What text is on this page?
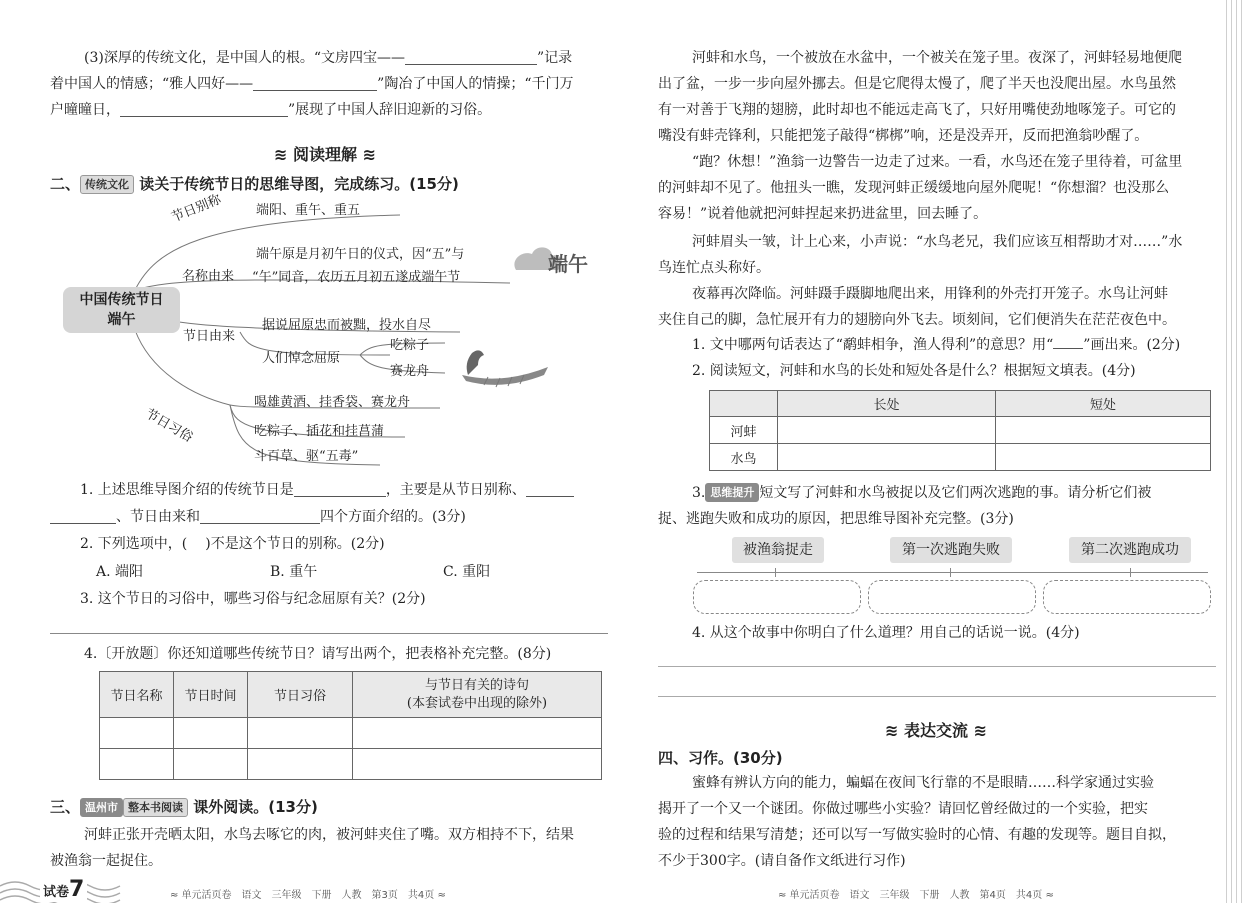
(3)深厚的传统文化，是中国人的根。“文房四宝——	”记录
着中国人的情感；“雅人四好——	”陶冶了中国人的情操；“千门万
户曈曈日，	”展现了中国人辞旧迎新的习俗。
≋ 阅读理解 ≋
二、 传统文化 读关于传统节日的思维导图，完成练习。(15分)
中国传统节日
端午
节日别称	端阳、重午、重五
名称由来
端午原是月初午日的仪式，因“五”与
“午”同音，农历五月初五遂成端午节
端午
节日由来
据说屈原忠而被黜，投水自尽
人们悼念屈原
吃粽子
赛龙舟
节日习俗
喝雄黄酒、挂香袋、赛龙舟
吃粽子、插花和挂菖蒲
斗百草、驱“五毒”
1. 上述思维导图介绍的传统节日是	，主要是从节日别称、
、节日由来和	四个方面介绍的。(3分)
2. 下列选项中，( )不是这个节日的别称。(2分)
A. 端阳	B. 重午	C. 重阳
3. 这个节日的习俗中，哪些习俗与纪念屈原有关？(2分)
4.〔开放题〕你还知道哪些传统节日？请写出两个，把表格补充完整。(8分)
节日名称	节日时间	节日习俗	与节日有关的诗句
(本套试卷中出现的除外)

三、 温州市 整本书阅读 课外阅读。(13分)
河蚌正张开壳晒太阳，水鸟去啄它的肉，被河蚌夹住了嘴。双方相持不下，结果
被渔翁一起捉住。
试卷7	≈ 单元活页卷　语文　三年级　下册　人教　第3页　共4页 ≈
河蚌和水鸟，一个被放在水盆中，一个被关在笼子里。夜深了，河蚌轻易地便爬
出了盆，一步一步向屋外挪去。但是它爬得太慢了，爬了半天也没爬出屋。水鸟虽然
有一对善于飞翔的翅膀，此时却也不能远走高飞了，只好用嘴使劲地啄笼子。可它的
嘴没有蚌壳锋利，只能把笼子敲得“梆梆”响，还是没弄开，反而把渔翁吵醒了。
“跑？休想！”渔翁一边警告一边走了过来。一看，水鸟还在笼子里待着，可盆里
的河蚌却不见了。他扭头一瞧，发现河蚌正缓缓地向屋外爬呢！“你想溜？也没那么
容易！”说着他就把河蚌捏起来扔进盆里，回去睡了。
河蚌眉头一皱，计上心来，小声说：“水鸟老兄，我们应该互相帮助才对……”水
鸟连忙点头称好。
夜幕再次降临。河蚌蹑手蹑脚地爬出来，用锋利的外壳打开笼子。水鸟让河蚌
夹住自己的脚，急忙展开有力的翅膀向外飞去。顷刻间，它们便消失在茫茫夜色中。
1. 文中哪两句话表达了“鹬蚌相争，渔人得利”的意思？用“ ”画出来。(2分)
2. 阅读短文，河蚌和水鸟的长处和短处各是什么？根据短文填表。(4分)
	长处	短处
河蚌		
水鸟		
3. 思维提升 短文写了河蚌和水鸟被捉以及它们两次逃跑的事。请分析它们被
捉、逃跑失败和成功的原因，把思维导图补充完整。(3分)
被渔翁捉走	第一次逃跑失败	第二次逃跑成功
4. 从这个故事中你明白了什么道理？用自己的话说一说。(4分)
≋ 表达交流 ≋
四、习作。(30分)
蜜蜂有辨认方向的能力，蝙蝠在夜间飞行靠的不是眼睛……科学家通过实验
揭开了一个又一个谜团。你做过哪些小实验？请回忆曾经做过的一个实验，把实
验的过程和结果写清楚；还可以写一写做实验时的心情、有趣的发现等。题目自拟，
不少于300字。(请自备作文纸进行习作)
≈ 单元活页卷　语文　三年级　下册　人教　第4页　共4页 ≈
